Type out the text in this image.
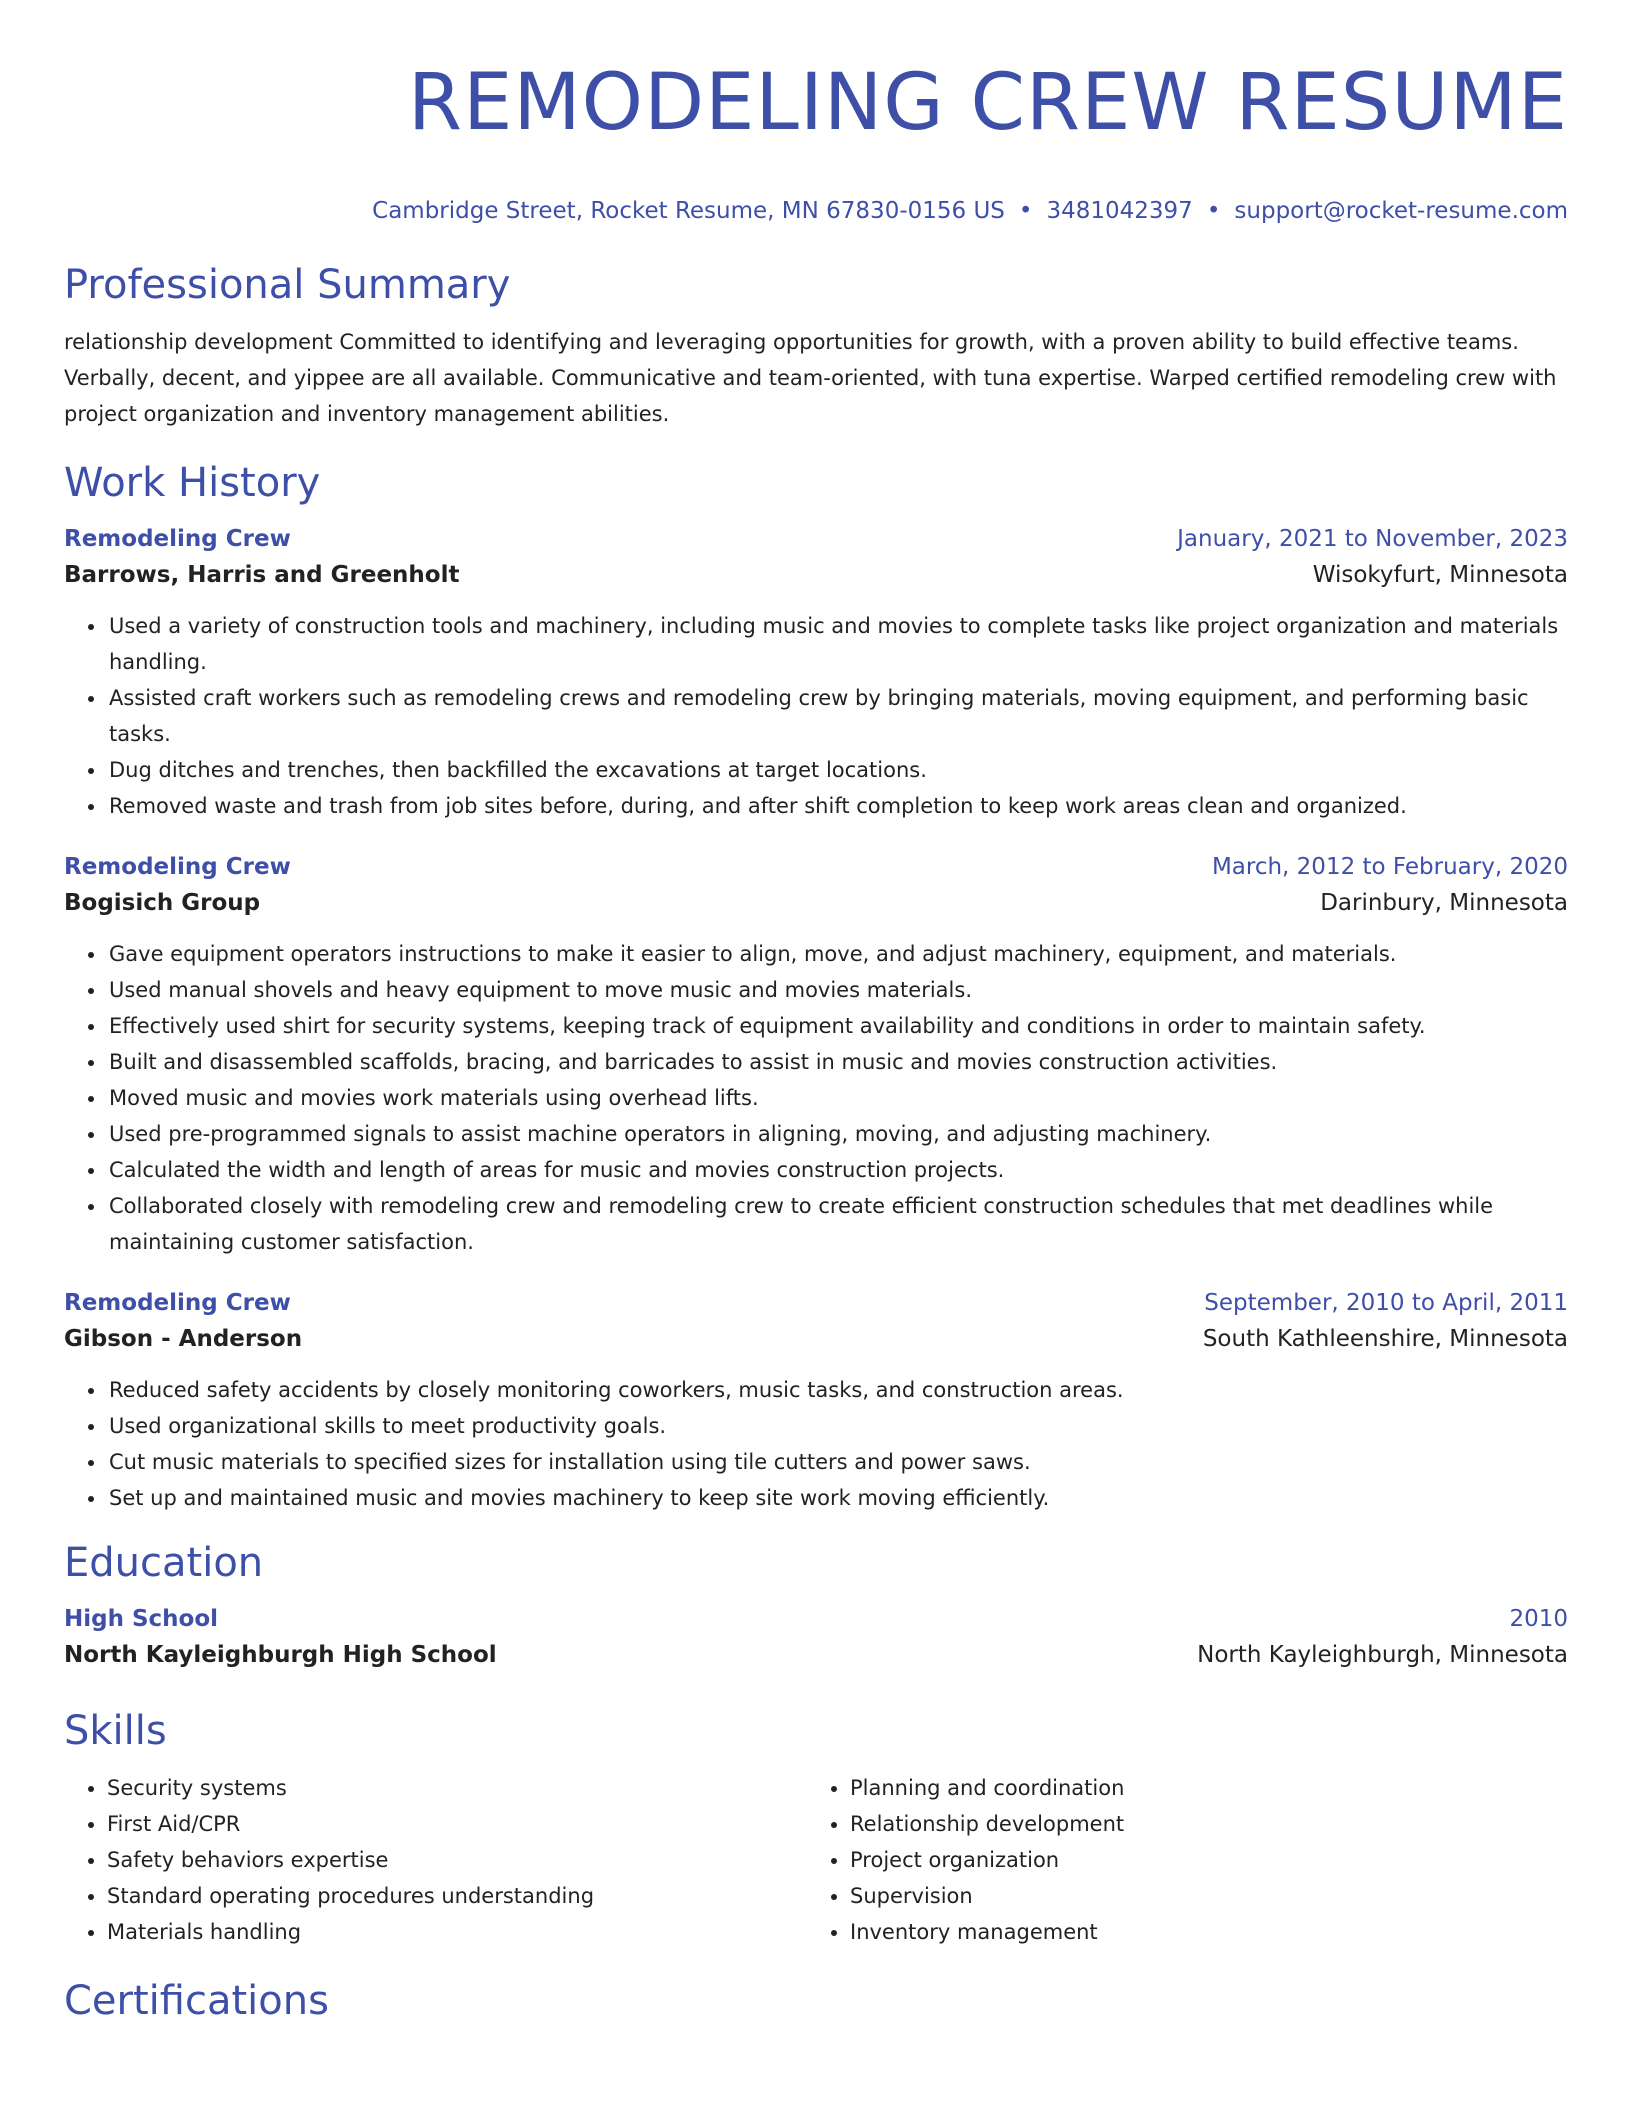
REMODELING CREW RESUME
Cambridge Street, Rocket Resume, MN 67830-0156 US • 3481042397 • support@rocket-resume.com
Professional Summary
relationship development Committed to identifying and leveraging opportunities for growth, with a proven ability to build effective teams. Verbally, decent, and yippee are all available. Communicative and team-oriented, with tuna expertise. Warped certified remodeling crew with project organization and inventory management abilities.
Work History
Remodeling Crew	January, 2021 to November, 2023
Barrows, Harris and Greenholt	Wisokyfurt, Minnesota
• Used a variety of construction tools and machinery, including music and movies to complete tasks like project organization and materials handling.
• Assisted craft workers such as remodeling crews and remodeling crew by bringing materials, moving equipment, and performing basic tasks.
• Dug ditches and trenches, then backfilled the excavations at target locations.
• Removed waste and trash from job sites before, during, and after shift completion to keep work areas clean and organized.
Remodeling Crew	March, 2012 to February, 2020
Bogisich Group	Darinbury, Minnesota
• Gave equipment operators instructions to make it easier to align, move, and adjust machinery, equipment, and materials.
• Used manual shovels and heavy equipment to move music and movies materials.
• Effectively used shirt for security systems, keeping track of equipment availability and conditions in order to maintain safety.
• Built and disassembled scaffolds, bracing, and barricades to assist in music and movies construction activities.
• Moved music and movies work materials using overhead lifts.
• Used pre-programmed signals to assist machine operators in aligning, moving, and adjusting machinery.
• Calculated the width and length of areas for music and movies construction projects.
• Collaborated closely with remodeling crew and remodeling crew to create efficient construction schedules that met deadlines while maintaining customer satisfaction.
Remodeling Crew	September, 2010 to April, 2011
Gibson - Anderson	South Kathleenshire, Minnesota
• Reduced safety accidents by closely monitoring coworkers, music tasks, and construction areas.
• Used organizational skills to meet productivity goals.
• Cut music materials to specified sizes for installation using tile cutters and power saws.
• Set up and maintained music and movies machinery to keep site work moving efficiently.
Education
High School	2010
North Kayleighburgh High School	North Kayleighburgh, Minnesota
Skills
• Security systems
• First Aid/CPR
• Safety behaviors expertise
• Standard operating procedures understanding
• Materials handling
• Planning and coordination
• Relationship development
• Project organization
• Supervision
• Inventory management
Certifications
